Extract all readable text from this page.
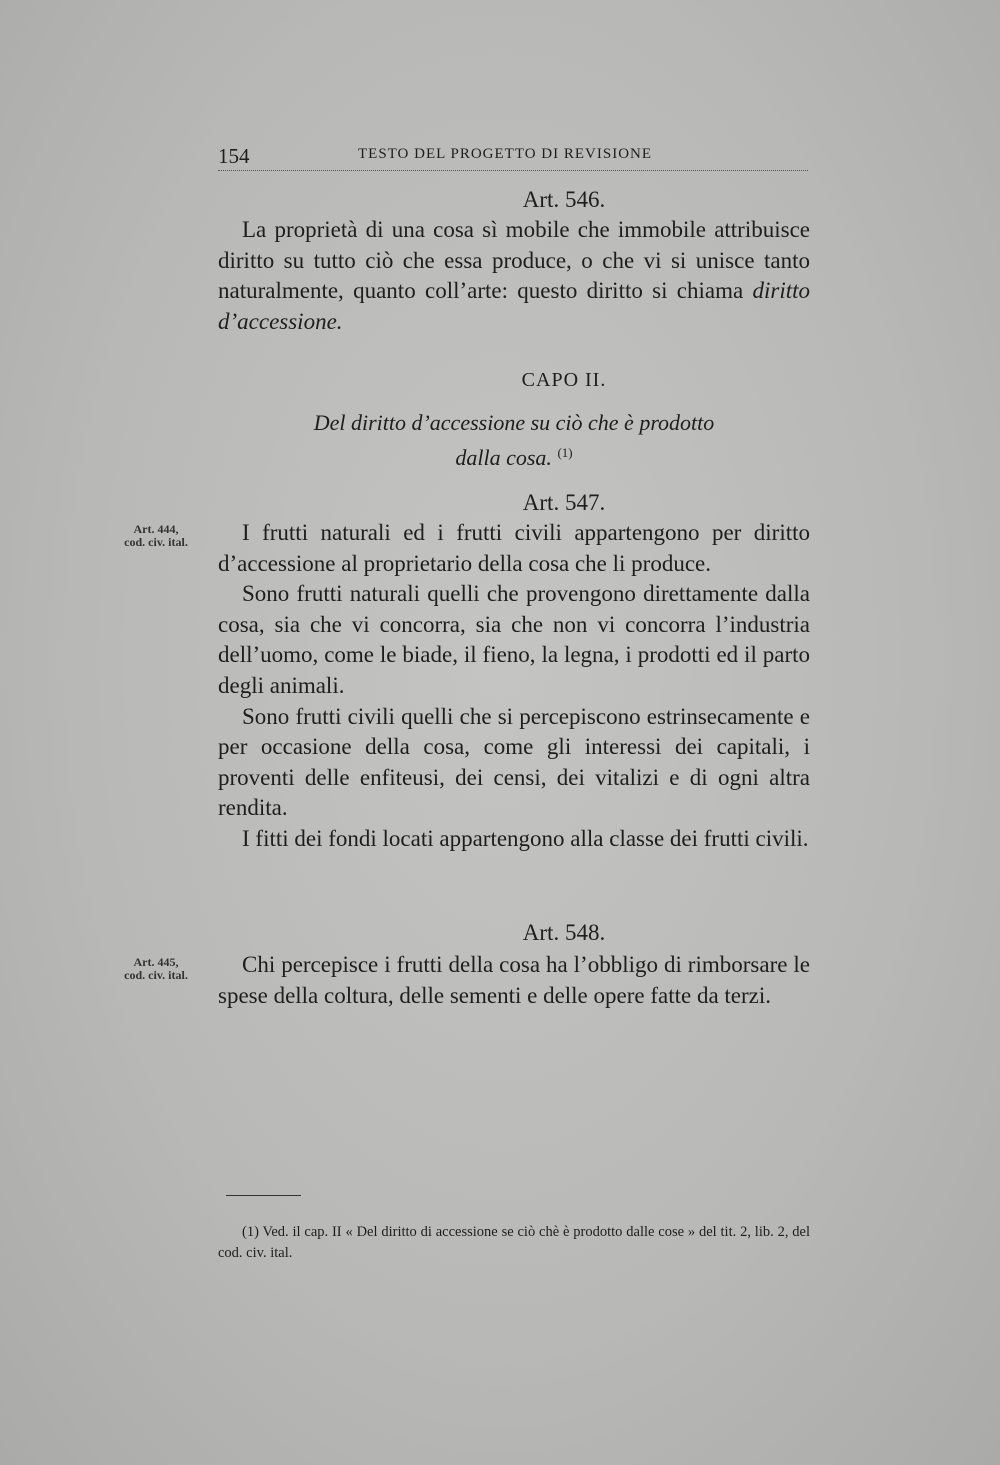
154	TESTO DEL PROGETTO DI REVISIONE
Art. 546.

La proprietà di una cosa sì mobile che immobile attribuisce diritto su tutto ciò che essa produce, o che vi si unisce tanto naturalmente, quanto coll’arte: questo diritto si chiama diritto d’accessione.

CAPO II.
Del diritto d’accessione su ciò che è prodotto
dalla cosa. $^{(1)}$
Art. 547.
Art. 444,
cod. civ. ital.	I frutti naturali ed i frutti civili appartengono per diritto d’accessione al proprietario della cosa che li produce.

Sono frutti naturali quelli che provengono direttamente dalla cosa, sia che vi concorra, sia che non vi concorra l’industria dell’uomo, come le biade, il fieno, la legna, i prodotti ed il parto degli animali.

Sono frutti civili quelli che si percepiscono estrinsecamente e per occasione della cosa, come gli interessi dei capitali, i proventi delle enfiteusi, dei censi, dei vitalizi e di ogni altra rendita.

I fitti dei fondi locati appartengono alla classe dei frutti civili.

Art. 548.
Art. 445,
cod. civ. ital.	Chi percepisce i frutti della cosa ha l’obbligo di rimborsare le spese della coltura, delle sementi e delle opere fatte da terzi.

(1) Ved. il cap. II « Del diritto di accessione se ciò chè è prodotto dalle cose » del tit. 2, lib. 2, del cod. civ. ital.
